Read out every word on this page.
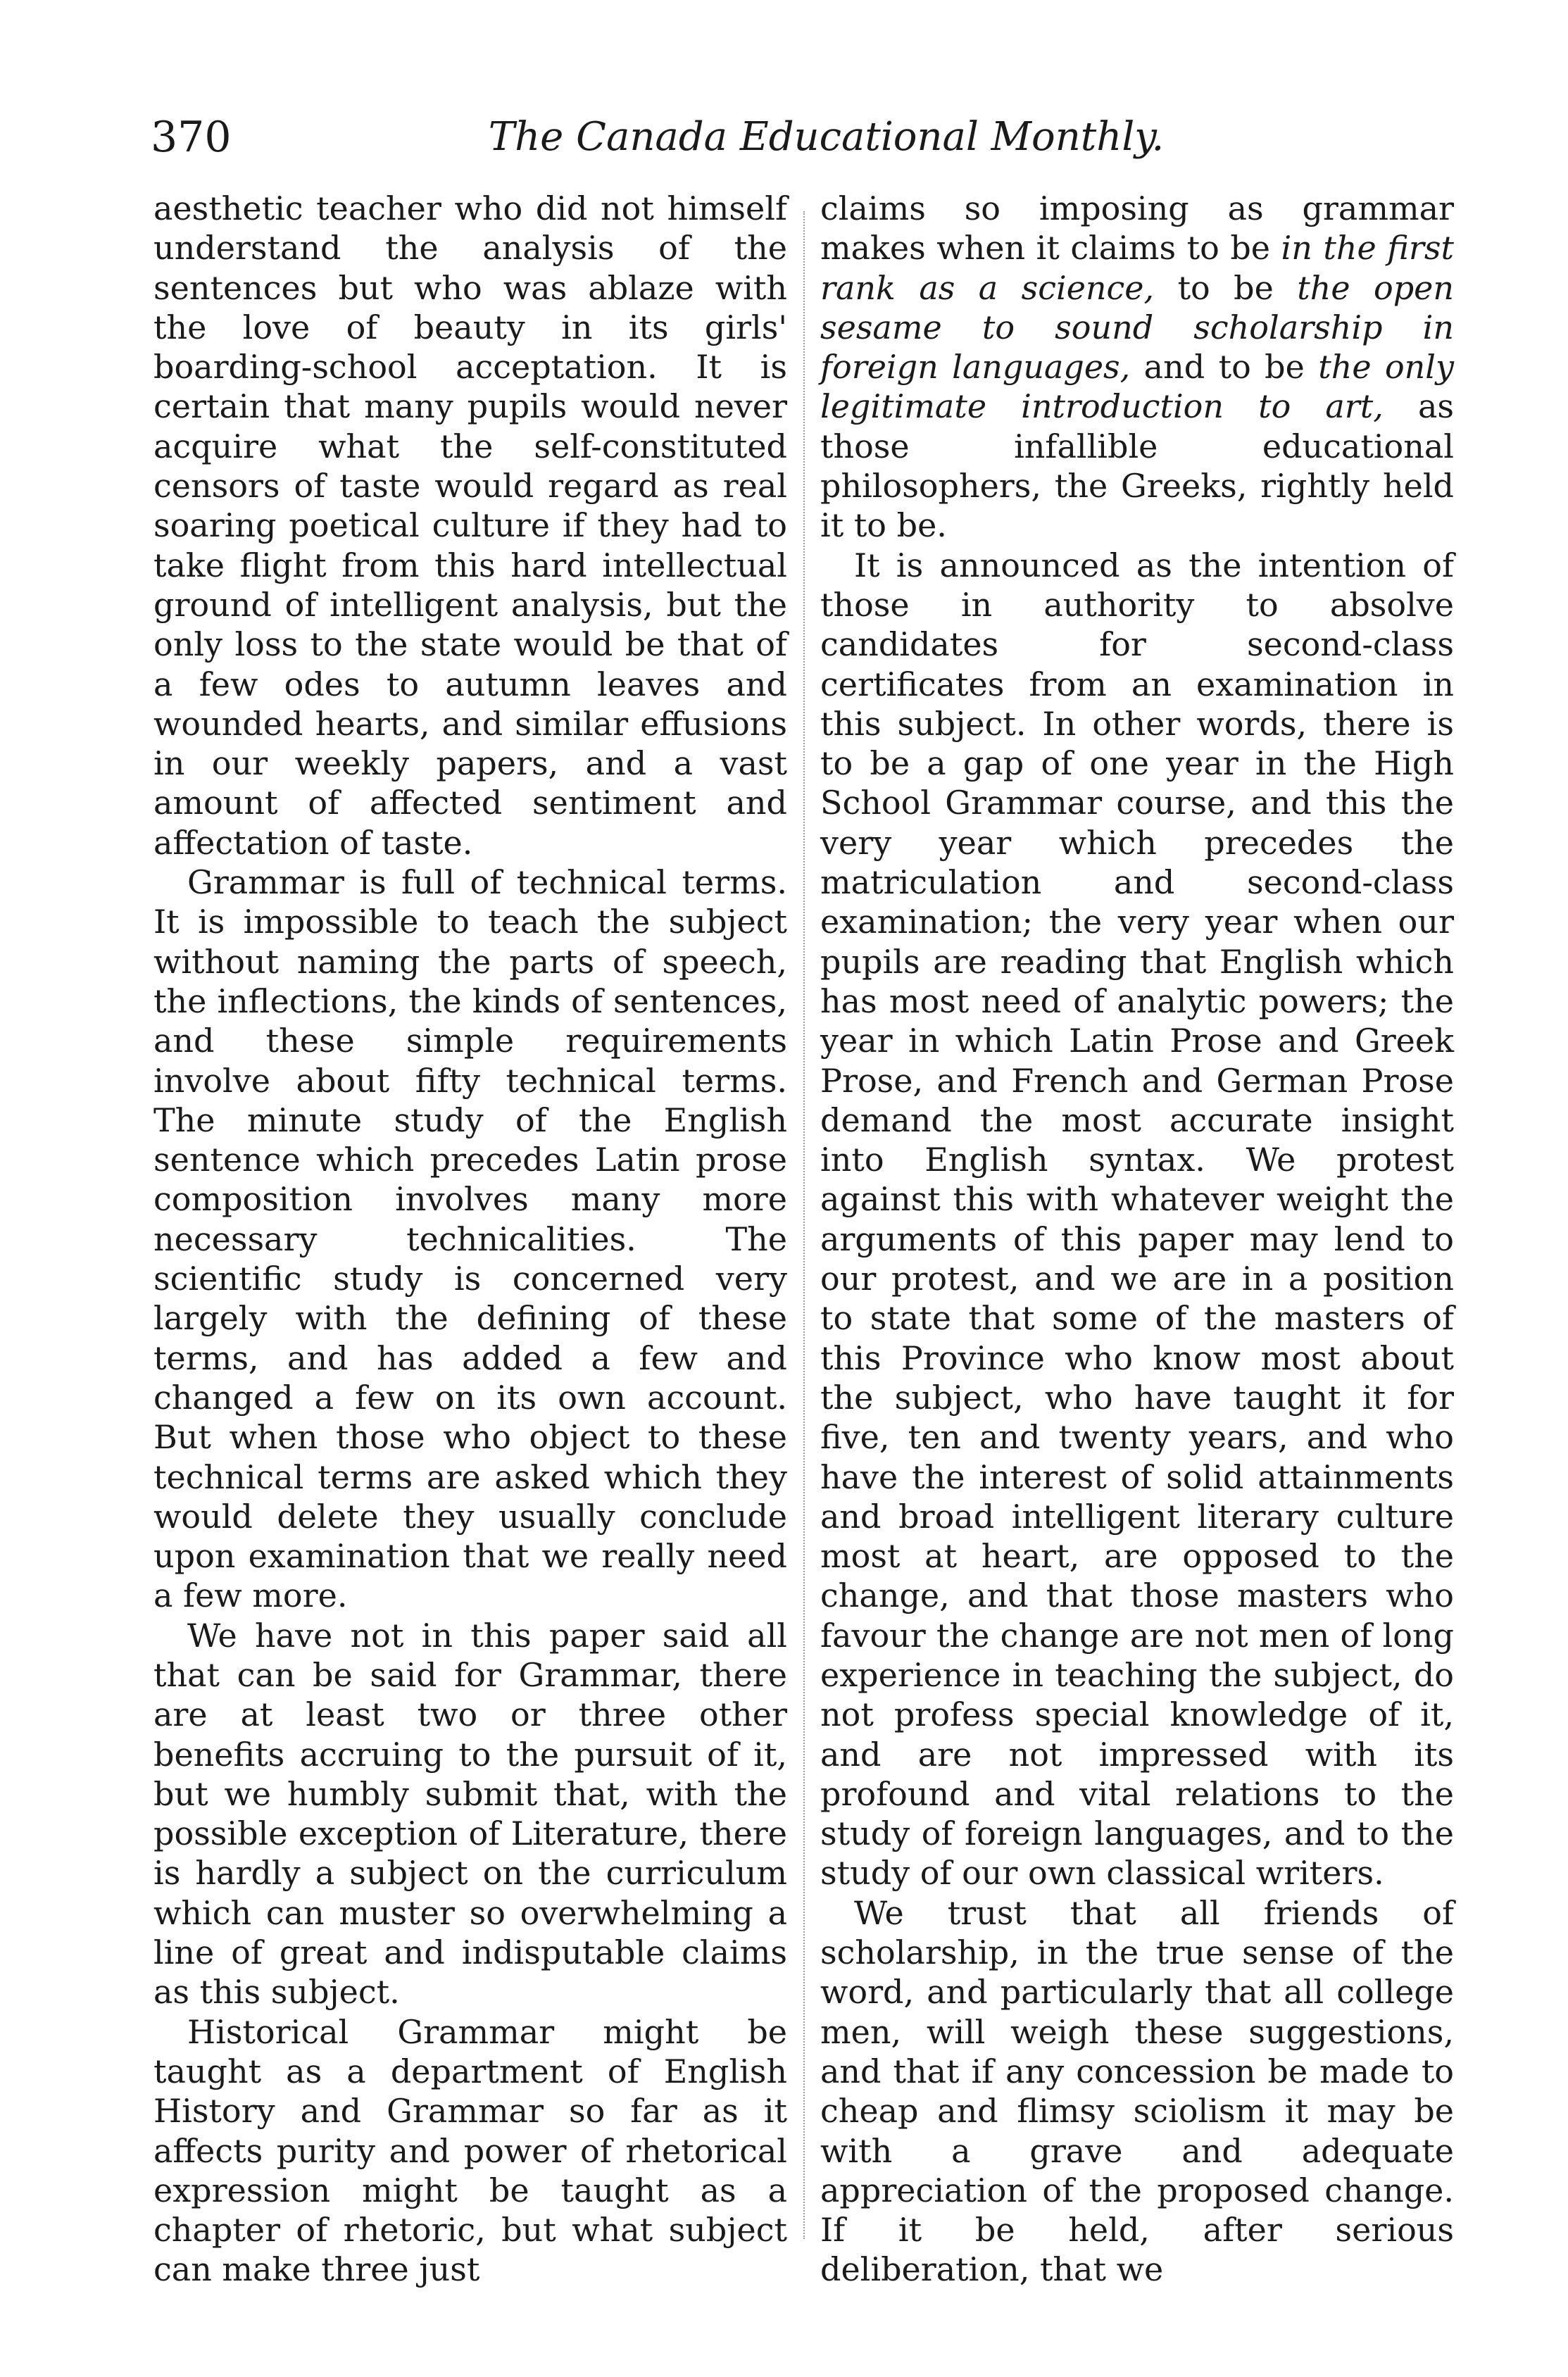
370	The Canada Educational Monthly.

aesthetic teacher who did not himself understand the analysis of the sentences but who was ablaze with the love of beauty in its girls' boarding-school acceptation. It is certain that many pupils would never acquire what the self-constituted censors of taste would regard as real soaring poetical culture if they had to take flight from this hard intellectual ground of intelligent analysis, but the only loss to the state would be that of a few odes to autumn leaves and wounded hearts, and similar effusions in our weekly papers, and a vast amount of affected sentiment and affectation of taste.

Grammar is full of technical terms. It is impossible to teach the subject without naming the parts of speech, the inflections, the kinds of sentences, and these simple requirements involve about fifty technical terms. The minute study of the English sentence which precedes Latin prose composition involves many more necessary technicalities. The scientific study is concerned very largely with the defining of these terms, and has added a few and changed a few on its own account. But when those who object to these technical terms are asked which they would delete they usually conclude upon examination that we really need a few more.

We have not in this paper said all that can be said for Grammar, there are at least two or three other benefits accruing to the pursuit of it, but we humbly submit that, with the possible exception of Literature, there is hardly a subject on the curriculum which can muster so overwhelming a line of great and indisputable claims as this subject.

Historical Grammar might be taught as a department of English History and Grammar so far as it affects purity and power of rhetorical expression might be taught as a chapter of rhetoric, but what subject can make three just

claims so imposing as grammar makes when it claims to be in the first rank as a science, to be the open sesame to sound scholarship in foreign languages, and to be the only legitimate introduction to art, as those infallible educational philosophers, the Greeks, rightly held it to be.

It is announced as the intention of those in authority to absolve candidates for second-class certificates from an examination in this subject. In other words, there is to be a gap of one year in the High School Grammar course, and this the very year which precedes the matriculation and second-class examination; the very year when our pupils are reading that English which has most need of analytic powers; the year in which Latin Prose and Greek Prose, and French and German Prose demand the most accurate insight into English syntax. We protest against this with whatever weight the arguments of this paper may lend to our protest, and we are in a position to state that some of the masters of this Province who know most about the subject, who have taught it for five, ten and twenty years, and who have the interest of solid attainments and broad intelligent literary culture most at heart, are opposed to the change, and that those masters who favour the change are not men of long experience in teaching the subject, do not profess special knowledge of it, and are not impressed with its profound and vital relations to the study of foreign languages, and to the study of our own classical writers.

We trust that all friends of scholarship, in the true sense of the word, and particularly that all college men, will weigh these suggestions, and that if any concession be made to cheap and flimsy sciolism it may be with a grave and adequate appreciation of the proposed change. If it be held, after serious deliberation, that we
